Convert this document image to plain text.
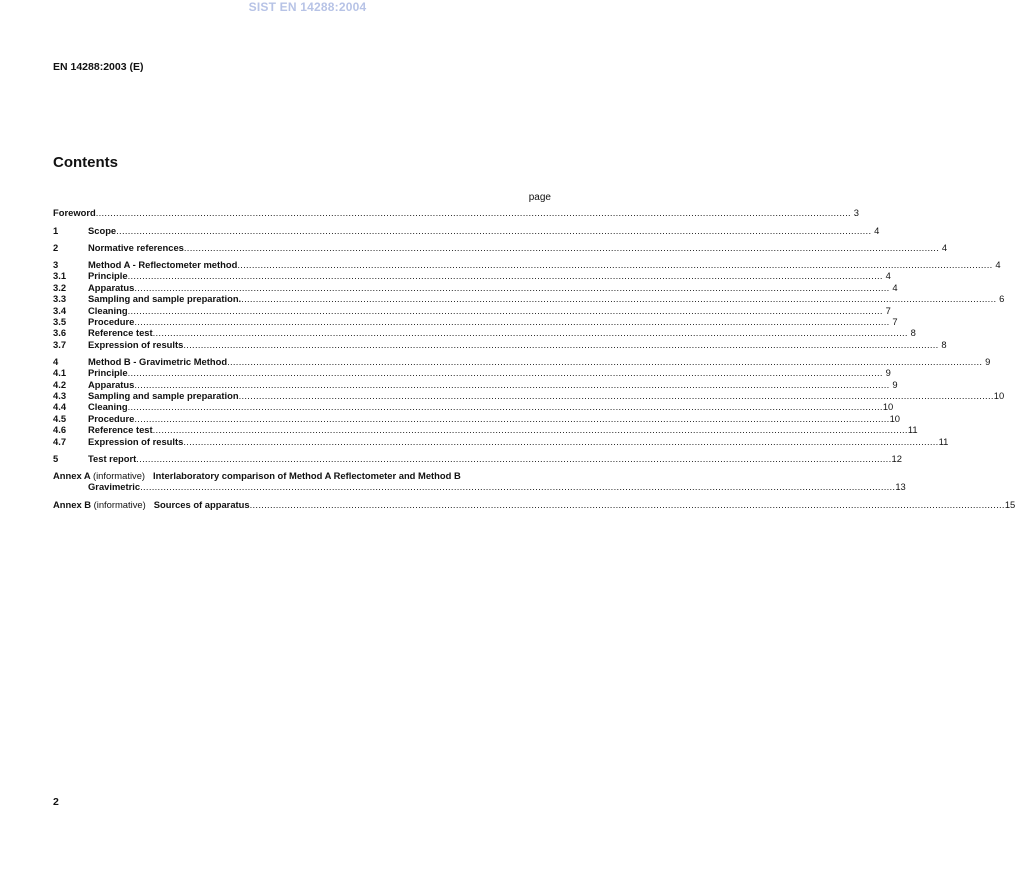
SIST EN 14288:2004
EN 14288:2003 (E)
Contents
page
Foreword .................................................................................................................................................................................................................................................................... 3
1	Scope .................................................................................................................................................................................................................................................................... 4
2	Normative references .................................................................................................................................................................................................................................................................... 4
3	Method A - Reflectometer method .................................................................................................................................................................................................................................................................... 4
3.1	Principle .................................................................................................................................................................................................................................................................... 4
3.2	Apparatus .................................................................................................................................................................................................................................................................... 4
3.3	Sampling and sample preparation. .................................................................................................................................................................................................................................................................... 6
3.4	Cleaning .................................................................................................................................................................................................................................................................... 7
3.5	Procedure .................................................................................................................................................................................................................................................................... 7
3.6	Reference test .................................................................................................................................................................................................................................................................... 8
3.7	Expression of results .................................................................................................................................................................................................................................................................... 8
4	Method B - Gravimetric Method .................................................................................................................................................................................................................................................................... 9
4.1	Principle .................................................................................................................................................................................................................................................................... 9
4.2	Apparatus .................................................................................................................................................................................................................................................................... 9
4.3	Sampling and sample preparation .................................................................................................................................................................................................................................................................... 10
4.4	Cleaning .................................................................................................................................................................................................................................................................... 10
4.5	Procedure .................................................................................................................................................................................................................................................................... 10
4.6	Reference test .................................................................................................................................................................................................................................................................... 11
4.7	Expression of results .................................................................................................................................................................................................................................................................... 11
5	Test report .................................................................................................................................................................................................................................................................... 12
Annex A (informative) Interlaboratory comparison of Method A Reflectometer and Method B
Gravimetric .................................................................................................................................................................................................................................................................... 13
Annex B (informative) Sources of apparatus .................................................................................................................................................................................................................................................................... 15
2
